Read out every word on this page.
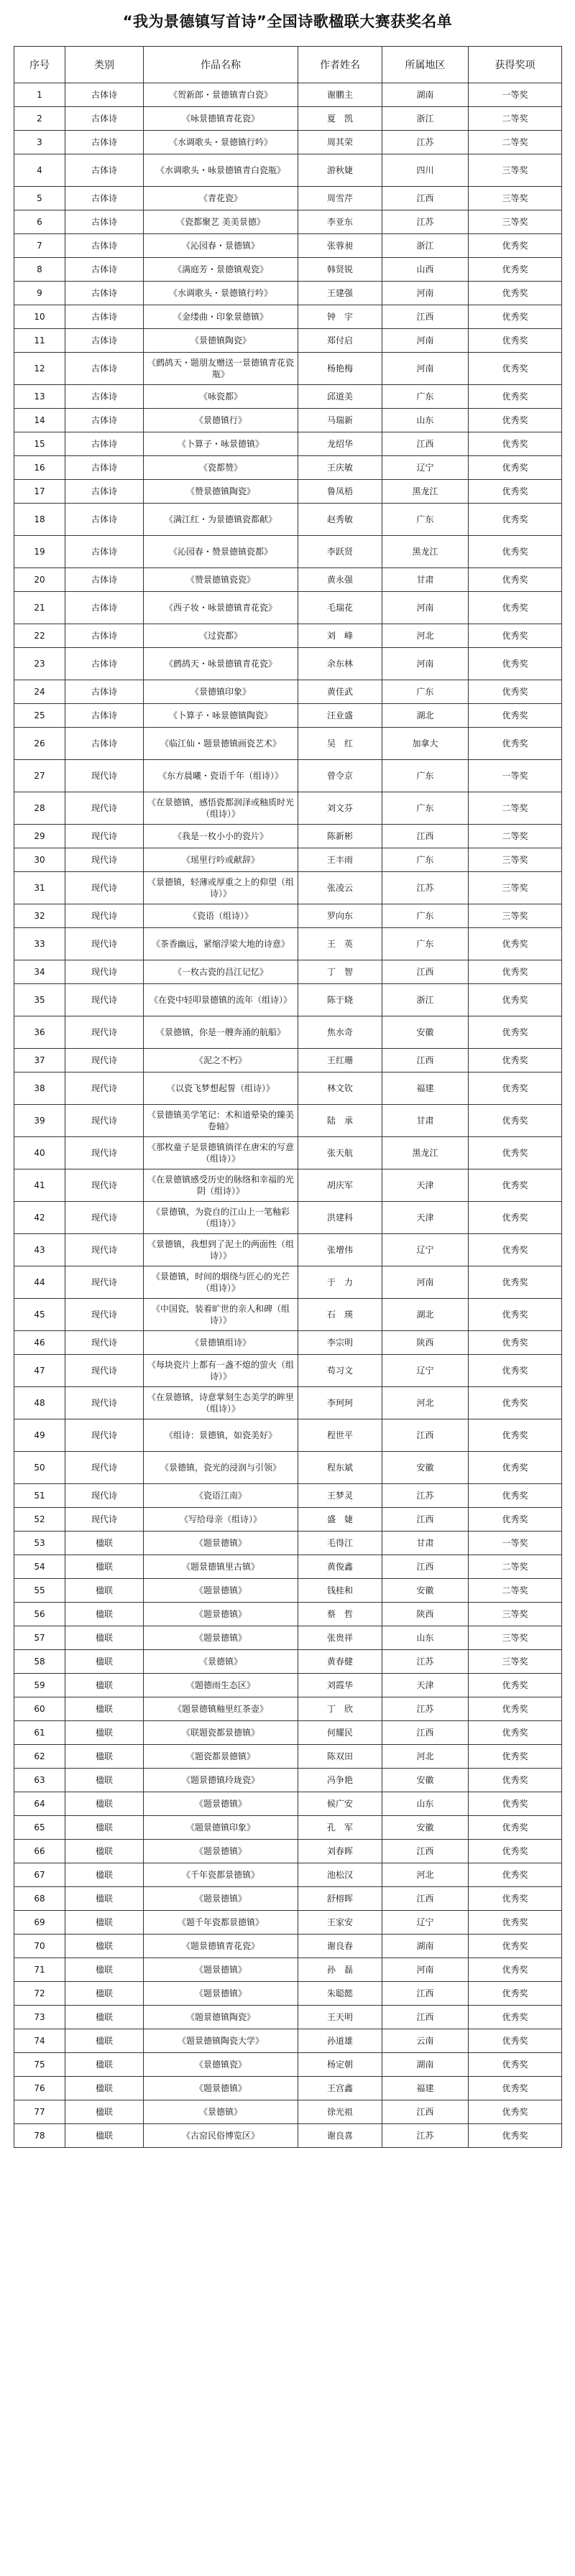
“我为景德镇写首诗”全国诗歌楹联大赛获奖名单
序号	类别	作品名称	作者姓名	所属地区	获得奖项
1	古体诗	《贺新郎・景德镇青白瓷》	谢鹏主	湖南	一等奖
2	古体诗	《咏景德镇青花瓷》	夏　凯	浙江	二等奖
3	古体诗	《水调歌头・景德镇行吟》	周其荣	江苏	二等奖
4	古体诗	《水调歌头・咏景德镇青白瓷瓶》	游秋婕	四川	三等奖
5	古体诗	《青花瓷》	周雪芹	江西	三等奖
6	古体诗	《瓷都聚艺 美美景德》	李亚东	江苏	三等奖
7	古体诗	《沁园春・景德镇》	张蓉昶	浙江	优秀奖
8	古体诗	《满庭芳・景德镇观瓷》	韩贤锐	山西	优秀奖
9	古体诗	《水调歌头・景德镇行吟》	王建强	河南	优秀奖
10	古体诗	《金缕曲・印象景德镇》	钟　宇	江西	优秀奖
11	古体诗	《景德镇陶瓷》	郑付启	河南	优秀奖
12	古体诗	《鹧鸪天・题朋友赠送一景德镇青花瓷瓶》	杨艳梅	河南	优秀奖
13	古体诗	《咏瓷都》	邱道美	广东	优秀奖
14	古体诗	《景德镇行》	马瑞新	山东	优秀奖
15	古体诗	《卜算子・咏景德镇》	龙绍华	江西	优秀奖
16	古体诗	《瓷都赞》	王庆敏	辽宁	优秀奖
17	古体诗	《赞景德镇陶瓷》	鲁凤梧	黑龙江	优秀奖
18	古体诗	《满江红・为景德镇瓷都献》	赵秀敏	广东	优秀奖
19	古体诗	《沁园春・赞景德镇瓷都》	李跃贤	黑龙江	优秀奖
20	古体诗	《赞景德镇瓷瓷》	黄永强	甘肃	优秀奖
21	古体诗	《西子妆・咏景德镇青花瓷》	毛瑞花	河南	优秀奖
22	古体诗	《过瓷都》	刘　峰	河北	优秀奖
23	古体诗	《鹧鸪天・咏景德镇青花瓷》	余东林	河南	优秀奖
24	古体诗	《景德镇印象》	黄佳武	广东	优秀奖
25	古体诗	《卜算子・咏景德镇陶瓷》	汪业盛	湖北	优秀奖
26	古体诗	《临江仙・题景德镇画瓷艺术》	吴　红	加拿大	优秀奖
27	现代诗	《东方晨曦・瓷语千年（组诗）》	曾令京	广东	一等奖
28	现代诗	《在景德镇，感悟瓷都润泽或釉质时光（组诗）》	刘文芬	广东	二等奖
29	现代诗	《我是一枚小小的瓷片》	陈新彬	江西	二等奖
30	现代诗	《瑶里行吟或献辞》	王丰雨	广东	三等奖
31	现代诗	《景德镇，轻薄或厚重之上的仰望（组诗）》	张凌云	江苏	三等奖
32	现代诗	《瓷语（组诗）》	罗向东	广东	三等奖
33	现代诗	《茶香幽远，紧缩浮梁大地的诗意》	王　英	广东	优秀奖
34	现代诗	《一枚古瓷的昌江记忆》	丁　智	江西	优秀奖
35	现代诗	《在瓷中轻叩景德镇的流年（组诗）》	陈于晓	浙江	优秀奖
36	现代诗	《景德镇，你是一艘奔涌的航船》	焦水奇	安徽	优秀奖
37	现代诗	《泥之不朽》	王红珊	江西	优秀奖
38	现代诗	《以瓷飞梦想起誓（组诗）》	林文钦	福建	优秀奖
39	现代诗	《景德镇美学笔记：术和道晕染的臻美卷轴》	陆　承	甘肃	优秀奖
40	现代诗	《那枚童子是景德镇徜徉在唐宋的写意（组诗）》	张天航	黑龙江	优秀奖
41	现代诗	《在景德镇感受历史的脉络和幸福的光阴（组诗）》	胡庆军	天津	优秀奖
42	现代诗	《景德镇，为瓷自的江山上一笔釉彩（组诗）》	洪建科	天津	优秀奖
43	现代诗	《景德镇，我想到了泥土的两面性（组诗）》	张增伟	辽宁	优秀奖
44	现代诗	《景德镇，时间的烟绕与匠心的光芒（组诗）》	于　力	河南	优秀奖
45	现代诗	《中国瓷，装着旷世的亲人和碑（组诗）》	石　瑛	湖北	优秀奖
46	现代诗	《景德镇组诗》	李宗明	陕西	优秀奖
47	现代诗	《每块瓷片上都有一盏不熄的萤火（组诗）》	苟习文	辽宁	优秀奖
48	现代诗	《在景德镇，诗意掌刻生态美学的眸里（组诗）》	李珂珂	河北	优秀奖
49	现代诗	《组诗：景德镇，如瓷美好》	程世平	江西	优秀奖
50	现代诗	《景德镇，瓷光的浸润与引领》	程东斌	安徽	优秀奖
51	现代诗	《瓷语江南》	王梦灵	江苏	优秀奖
52	现代诗	《写给母亲（组诗）》	盛　婕	江西	优秀奖
53	楹联	《题景德镇》	毛得江	甘肃	一等奖
54	楹联	《题景德镇里古镇》	黄俊鑫	江西	二等奖
55	楹联	《题景德镇》	钱桂和	安徽	二等奖
56	楹联	《题景德镇》	蔡　哲	陕西	三等奖
57	楹联	《题景德镇》	张贵祥	山东	三等奖
58	楹联	《景德镇》	黄春健	江苏	三等奖
59	楹联	《题德雨生态区》	刘霞华	天津	优秀奖
60	楹联	《题景德镇釉里红茶壶》	丁　欣	江苏	优秀奖
61	楹联	《联题瓷都景德镇》	何耀民	江西	优秀奖
62	楹联	《题瓷都景德镇》	陈双田	河北	优秀奖
63	楹联	《题景德镇玲珑瓷》	冯争艳	安徽	优秀奖
64	楹联	《题景德镇》	候广安	山东	优秀奖
65	楹联	《题景德镇印象》	孔　军	安徽	优秀奖
66	楹联	《题景德镇》	刘春晖	江西	优秀奖
67	楹联	《千年瓷都景德镇》	池松汉	河北	优秀奖
68	楹联	《题景德镇》	舒榕晖	江西	优秀奖
69	楹联	《题千年瓷都景德镇》	王家安	辽宁	优秀奖
70	楹联	《题景德镇青花瓷》	谢良春	湖南	优秀奖
71	楹联	《题景德镇》	孙　磊	河南	优秀奖
72	楹联	《题景德镇》	朱聪懿	江西	优秀奖
73	楹联	《题景德镇陶瓷》	王天明	江西	优秀奖
74	楹联	《题景德镇陶瓷大学》	孙道雄	云南	优秀奖
75	楹联	《景德镇瓷》	杨定朝	湖南	优秀奖
76	楹联	《题景德镇》	王宫鑫	福建	优秀奖
77	楹联	《景德镇》	徐光祖	江西	优秀奖
78	楹联	《古窑民俗博览区》	谢良喜	江苏	优秀奖
